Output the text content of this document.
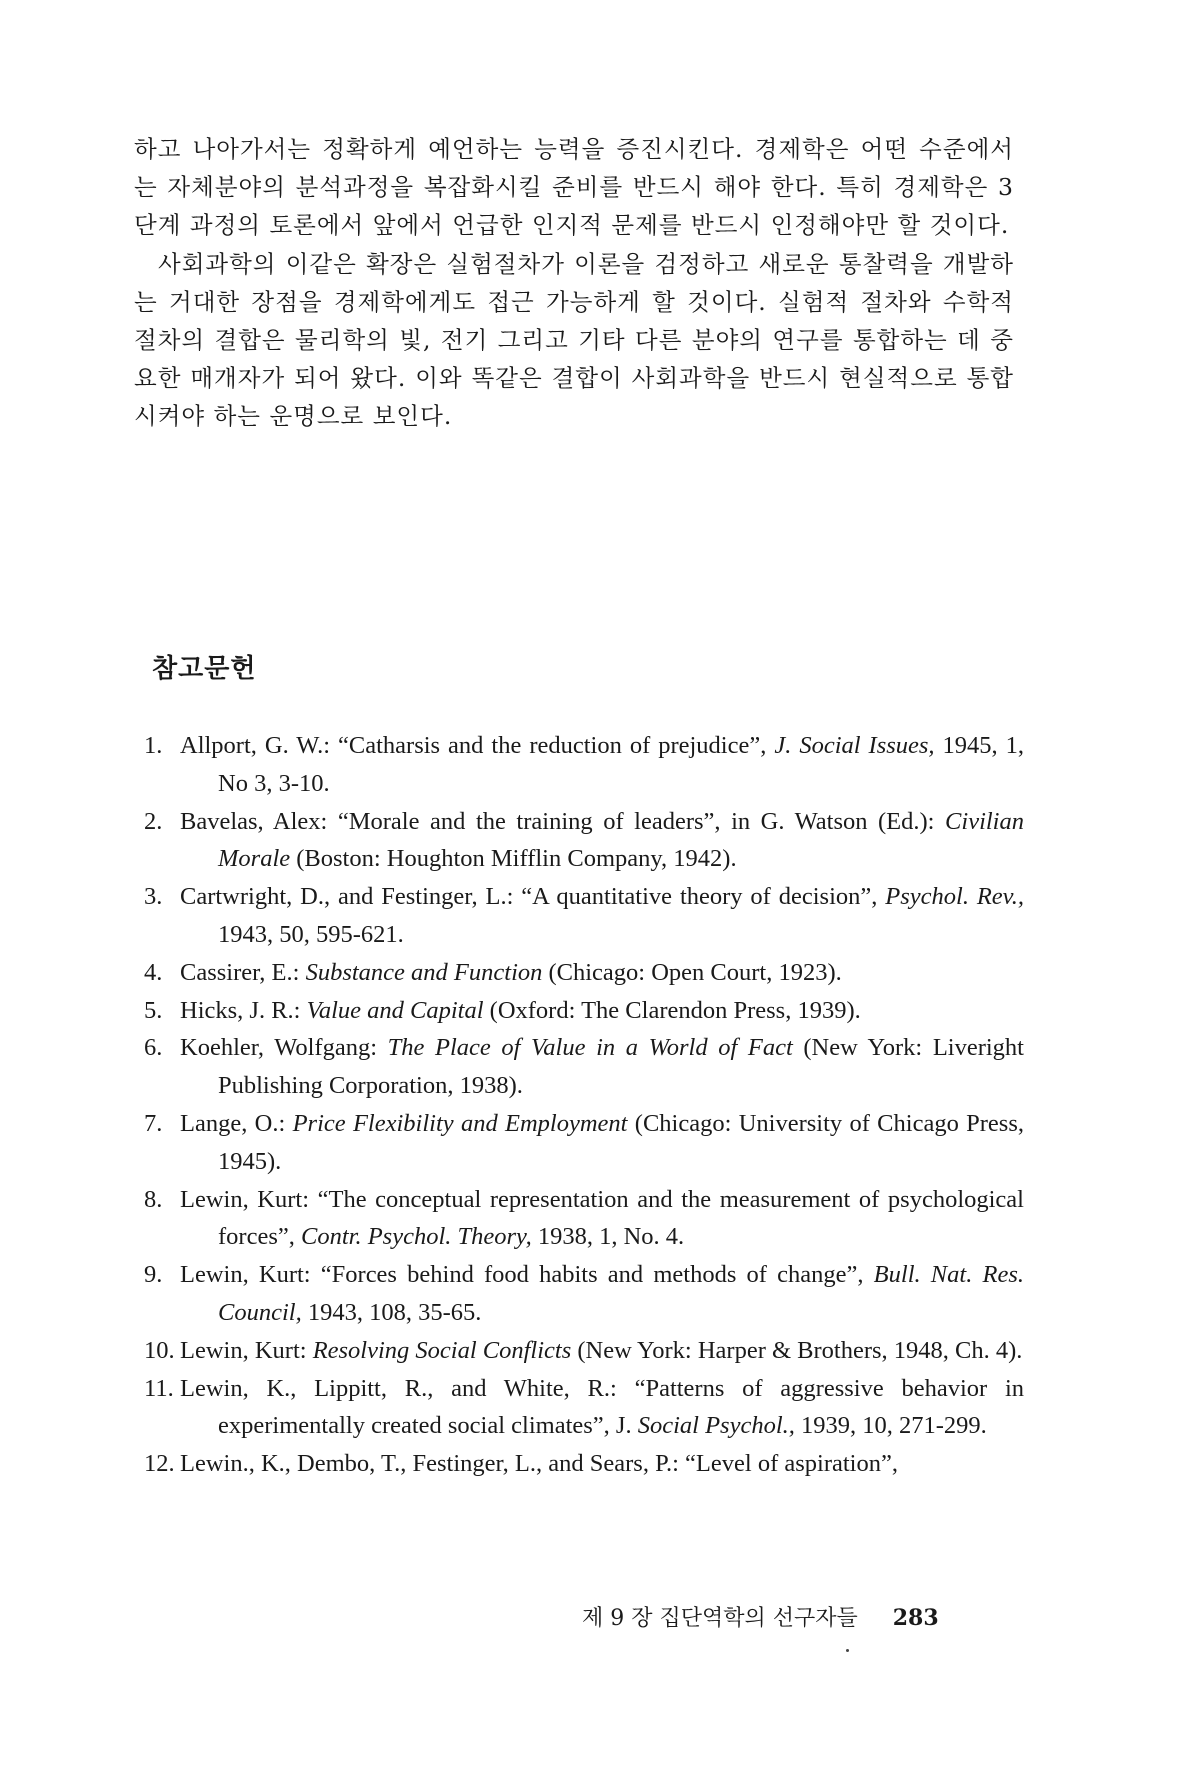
하고 나아가서는 정확하게 예언하는 능력을 증진시킨다. 경제학은 어떤 수준에서는 자체분야의 분석과정을 복잡화시킬 준비를 반드시 해야 한다. 특히 경제학은 3단계 과정의 토론에서 앞에서 언급한 인지적 문제를 반드시 인정해야만 할 것이다.

사회과학의 이같은 확장은 실험절차가 이론을 검정하고 새로운 통찰력을 개발하는 거대한 장점을 경제학에게도 접근 가능하게 할 것이다. 실험적 절차와 수학적 절차의 결합은 물리학의 빛, 전기 그리고 기타 다른 분야의 연구를 통합하는 데 중요한 매개자가 되어 왔다. 이와 똑같은 결합이 사회과학을 반드시 현실적으로 통합시켜야 하는 운명으로 보인다.

참고문헌
1. Allport, G. W.: “Catharsis and the reduction of prejudice”, J. Social Issues, 1945, 1, No 3, 3-10.
2. Bavelas, Alex: “Morale and the training of leaders”, in G. Watson (Ed.): Civilian Morale (Boston: Houghton Mifflin Company, 1942).
3. Cartwright, D., and Festinger, L.: “A quantitative theory of decision”, Psychol. Rev., 1943, 50, 595-621.
4. Cassirer, E.: Substance and Function (Chicago: Open Court, 1923).
5. Hicks, J. R.: Value and Capital (Oxford: The Clarendon Press, 1939).
6. Koehler, Wolfgang: The Place of Value in a World of Fact (New York: Liveright Publishing Corporation, 1938).
7. Lange, O.: Price Flexibility and Employment (Chicago: University of Chicago Press, 1945).
8. Lewin, Kurt: “The conceptual representation and the measurement of psychological forces”, Contr. Psychol. Theory, 1938, 1, No. 4.
9. Lewin, Kurt: “Forces behind food habits and methods of change”, Bull. Nat. Res. Council, 1943, 108, 35-65.
10. Lewin, Kurt: Resolving Social Conflicts (New York: Harper & Brothers, 1948, Ch. 4).
11. Lewin, K., Lippitt, R., and White, R.: “Patterns of aggressive behavior in experimentally created social climates”, J. Social Psychol., 1939, 10, 271-299.
12. Lewin., K., Dembo, T., Festinger, L., and Sears, P.: “Level of aspiration”,
제 9 장 집단역학의 선구자들 283
